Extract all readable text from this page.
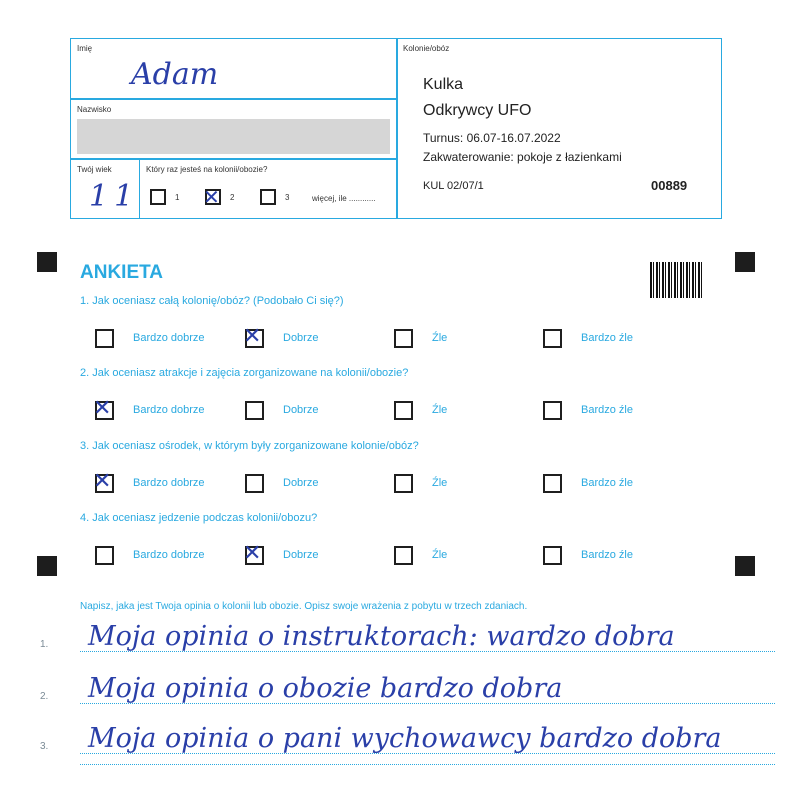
Imię
Adam
Nazwisko
Twój wiek
11
Który raz jesteś na kolonii/obozie?
1 ✕ 2	3	więcej, ile ............
Kolonie/obóz
Kulka
Odkrywcy UFO
Turnus: 06.07-16.07.2022
Zakwaterowanie: pokoje z łazienkami
KUL 02/07/1	00889
ANKIETA
1. Jak oceniasz całą kolonię/obóz? (Podobało Ci się?)
Bardzo dobrze ✕ Dobrze	Źle	Bardzo źle
2. Jak oceniasz atrakcje i zajęcia zorganizowane na kolonii/obozie?
✕ Bardzo dobrze	Dobrze	Źle	Bardzo źle
3. Jak oceniasz ośrodek, w którym były zorganizowane kolonie/obóz?
✕ Bardzo dobrze	Dobrze	Źle	Bardzo źle
4. Jak oceniasz jedzenie podczas kolonii/obozu?
Bardzo dobrze ✕ Dobrze	Źle	Bardzo źle
Napisz, jaka jest Twoja opinia o kolonii lub obozie. Opisz swoje wrażenia z pobytu w trzech zdaniach.
1. Moja opinia o instruktorach: wardzo dobra
2. Moja opinia o obozie bardzo dobra
3. Moja opinia o pani wychowawcy bardzo dobra
